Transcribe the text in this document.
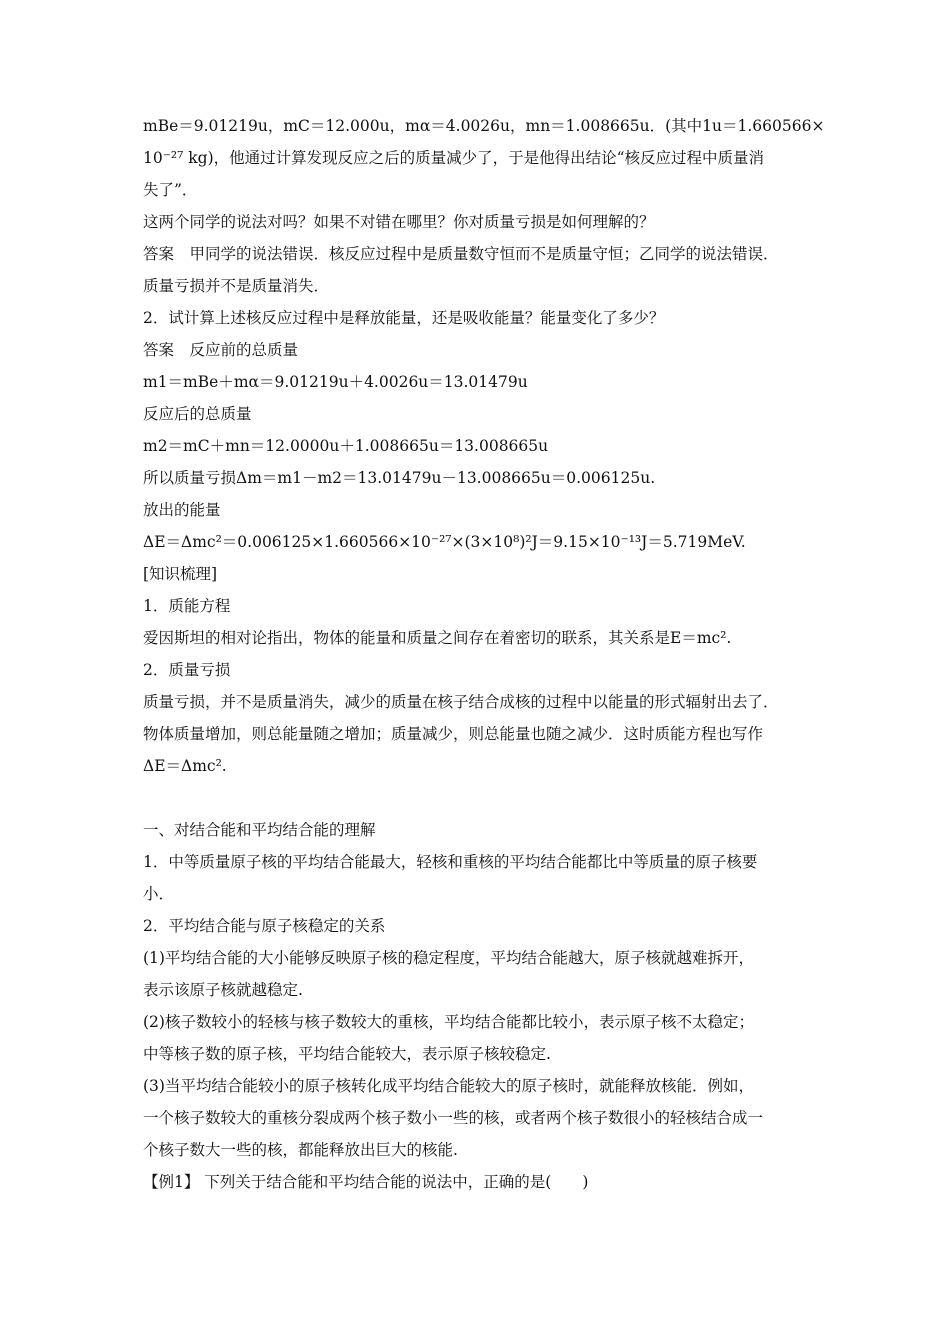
mBe＝9.01219u，mC＝12.000u，mα＝4.0026u，mn＝1.008665u．(其中1u＝1.660566×
10⁻²⁷ kg)，他通过计算发现反应之后的质量减少了，于是他得出结论“核反应过程中质量消
失了”．
这两个同学的说法对吗？如果不对错在哪里？你对质量亏损是如何理解的？
答案　甲同学的说法错误．核反应过程中是质量数守恒而不是质量守恒；乙同学的说法错误．
质量亏损并不是质量消失．
2．试计算上述核反应过程中是释放能量，还是吸收能量？能量变化了多少？
答案　反应前的总质量
m1＝mBe＋mα＝9.01219u＋4.0026u＝13.01479u
反应后的总质量
m2＝mC＋mn＝12.0000u＋1.008665u＝13.008665u
所以质量亏损Δm＝m1－m2＝13.01479u－13.008665u＝0.006125u.
放出的能量
ΔE＝Δmc²＝0.006125×1.660566×10⁻²⁷×(3×10⁸)²J＝9.15×10⁻¹³J＝5.719MeV.
[知识梳理]
1．质能方程
爱因斯坦的相对论指出，物体的能量和质量之间存在着密切的联系，其关系是E＝mc².
2．质量亏损
质量亏损，并不是质量消失，减少的质量在核子结合成核的过程中以能量的形式辐射出去了．
物体质量增加，则总能量随之增加；质量减少，则总能量也随之减少．这时质能方程也写作
ΔE＝Δmc².
一、对结合能和平均结合能的理解
1．中等质量原子核的平均结合能最大，轻核和重核的平均结合能都比中等质量的原子核要
小．
2．平均结合能与原子核稳定的关系
(1)平均结合能的大小能够反映原子核的稳定程度，平均结合能越大，原子核就越难拆开，
表示该原子核就越稳定.
(2)核子数较小的轻核与核子数较大的重核，平均结合能都比较小，表示原子核不太稳定；
中等核子数的原子核，平均结合能较大，表示原子核较稳定.
(3)当平均结合能较小的原子核转化成平均结合能较大的原子核时，就能释放核能．例如，
一个核子数较大的重核分裂成两个核子数小一些的核，或者两个核子数很小的轻核结合成一
个核子数大一些的核，都能释放出巨大的核能.
【例1】 下列关于结合能和平均结合能的说法中，正确的是(　　)
